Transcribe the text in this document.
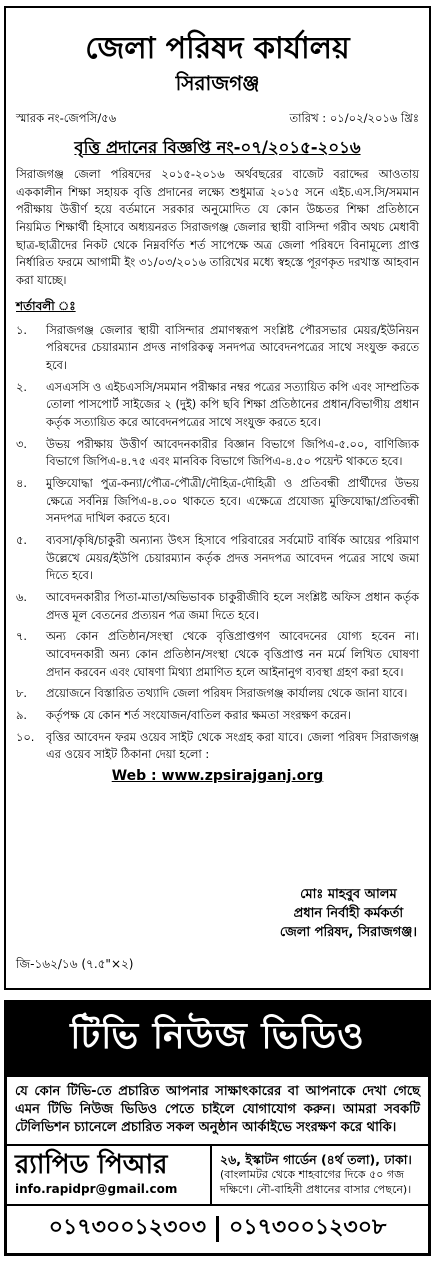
জেলা পরিষদ কার্যালয়
সিরাজগঞ্জ
স্মারক নং-জেপসি/৫৬	তারিখ : ০১/০২/২০১৬ খ্রিঃ
বৃত্তি প্রদানের বিজ্ঞপ্তি নং-০৭/২০১৫-২০১৬
সিরাজগঞ্জ জেলা পরিষদের ২০১৫-২০১৬ অর্থবছরের বাজেট বরাদ্দের আওতায় এককালীন শিক্ষা সহায়ক বৃত্তি প্রদানের লক্ষ্যে শুধুমাত্র ২০১৫ সনে এইচ.এস.সি/সমমান পরীক্ষায় উত্তীর্ণ হয়ে বর্তমানে সরকার অনুমোদিত যে কোন উচ্চতর শিক্ষা প্রতিষ্ঠানে নিয়মিত শিক্ষার্থী হিসাবে অধ্যয়নরত সিরাজগঞ্জ জেলার স্থায়ী বাসিন্দা গরীব অথচ মেধাবী ছাত্র-ছাত্রীদের নিকট থেকে নিম্নবর্ণিত শর্ত সাপেক্ষে অত্র জেলা পরিষদে বিনামূল্যে প্রাপ্ত নির্ধারিত ফরমে আগামী ইং ৩১/০৩/২০১৬ তারিখের মধ্যে স্বহস্তে পূরণকৃত দরখাস্ত আহবান করা যাচ্ছে।
শর্তাবলী ঃ
১.	সিরাজগঞ্জ জেলার স্থায়ী বাসিন্দার প্রমাণস্বরূপ সংশ্লিষ্ট পৌরসভার মেয়র/ইউনিয়ন পরিষদের চেয়ারম্যান প্রদত্ত নাগরিকত্ব সনদপত্র আবেদনপত্রের সাথে সংযুক্ত করতে হবে।
২.	এসএসসি ও এইচএসসি/সমমান পরীক্ষার নম্বর পত্রের সত্যায়িত কপি এবং সাম্প্রতিক তোলা পাসপোর্ট সাইজের ২ (দুই) কপি ছবি শিক্ষা প্রতিষ্ঠানের প্রধান/বিভাগীয় প্রধান কর্তৃক সত্যায়িত করে আবেদনপত্রের সাথে সংযুক্ত করতে হবে।
৩.	উভয় পরীক্ষায় উত্তীর্ণ আবেদনকারীর বিজ্ঞান বিভাগে জিপিএ-৫.০০, বাণিজ্যিক বিভাগে জিপিএ-৪.৭৫ এবং মানবিক বিভাগে জিপিএ-৪.৫০ পয়েন্ট থাকতে হবে।
৪.	মুক্তিযোদ্ধা পুত্র-কন্যা/পৌত্র-পৌত্রী/দৌহিত্র-দৌহিত্রী ও প্রতিবন্ধী প্রার্থীদের উভয় ক্ষেত্রে সর্বনিম্ন জিপিএ-৪.০০ থাকতে হবে। এক্ষেত্রে প্রযোজ্য মুক্তিযোদ্ধা/প্রতিবন্ধী সনদপত্র দাখিল করতে হবে।
৫.	ব্যবসা/কৃষি/চাকুরী অন্যান্য উৎস হিসাবে পরিবারের সর্বমোট বার্ষিক আয়ের পরিমাণ উল্লেখে মেয়র/ইউপি চেয়ারম্যান কর্তৃক প্রদত্ত সনদপত্র আবেদন পত্রের সাথে জমা দিতে হবে।
৬.	আবেদনকারীর পিতা-মাতা/অভিভাবক চাকুরীজীবি হলে সংশ্লিষ্ট অফিস প্রধান কর্তৃক প্রদত্ত মূল বেতনের প্রত্যয়ন পত্র জমা দিতে হবে।
৭.	অন্য কোন প্রতিষ্ঠান/সংস্থা থেকে বৃত্তিপ্রাপ্তগণ আবেদনের যোগ্য হবেন না। আবেদনকারী অন্য কোন প্রতিষ্ঠান/সংস্থা থেকে বৃত্তিপ্রাপ্ত নন মর্মে লিখিত ঘোষণা প্রদান করবেন এবং ঘোষণা মিথ্যা প্রমাণিত হলে আইনানুগ ব্যবস্থা গ্রহণ করা হবে।
৮.	প্রয়োজনে বিস্তারিত তথ্যাদি জেলা পরিষদ সিরাজগঞ্জ কার্যালয় থেকে জানা যাবে।
৯.	কর্তৃপক্ষ যে কোন শর্ত সংযোজন/বাতিল করার ক্ষমতা সংরক্ষণ করেন।
১০.	বৃত্তির আবেদন ফরম ওয়েব সাইট থেকে সংগ্রহ করা যাবে। জেলা পরিষদ সিরাজগঞ্জ এর ওয়েব সাইট ঠিকানা দেয়া হলো :
Web : www.zpsirajganj.org
মোঃ মাহবুব আলম
প্রধান নির্বাহী কর্মকর্তা
জেলা পরিষদ, সিরাজগঞ্জ।
জি-১৬২/১৬ (৭.৫"×২)
টিভি নিউজ ভিডিও
যে কোন টিভি-তে প্রচারিত আপনার সাক্ষাৎকারের বা আপনাকে দেখা গেছে এমন টিভি নিউজ ভিডিও পেতে চাইলে যোগাযোগ করুন। আমরা সবকটি টেলিভিশন চ্যানেলে প্রচারিত সকল অনুষ্ঠান আর্কাইভে সংরক্ষণ করে থাকি।
র‍্যাপিড পিআর
info.rapidpr@gmail.com
২৬, ইস্কাটন গার্ডেন (৪র্থ তলা), ঢাকা।
(বাংলামটর থেকে শাহবাগের দিকে ৫০ গজ দক্ষিণে। নৌ-বাহিনী প্রধানের বাসার পেছনে)।
০১৭৩০০১২৩০৩ ০১৭৩০০১২৩০৮
